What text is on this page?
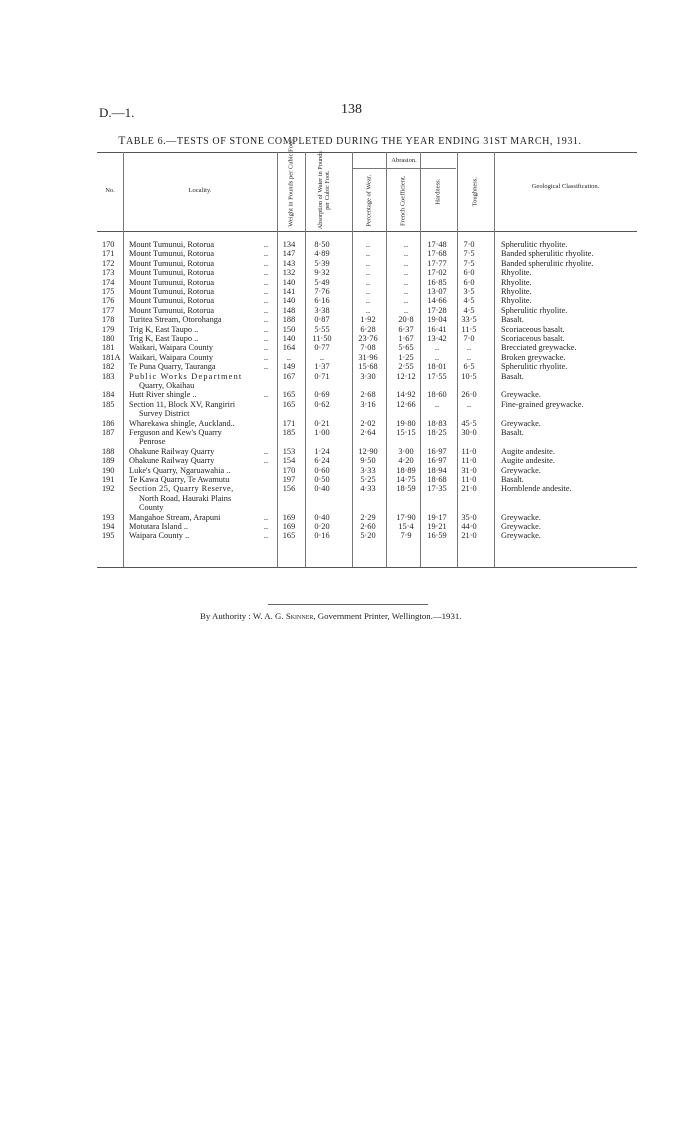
D.—1.	138
TABLE 6.—TESTS OF STONE COMPLETED DURING THE YEAR ENDING 31ST MARCH, 1931.
No.	Locality.	Weight in Pounds per Cubic Foot.	Absorption of Water in Pounds per Cubic Foot.
Abrasion.
Percentage of Wear.	French Coefficient.	Hardness.	Toughness.	Geological Classification.
170	Mount Tumunui, Rotorua	..	134	8·50	..	..	17·48	7·0	Spherulitic rhyolite.
171	Mount Tumunui, Rotorua	..	147	4·89	..	..	17·68	7·5	Banded spherulitic rhyolite.
172	Mount Tumunui, Rotorua	..	143	5·39	..	..	17·77	7·5	Banded spherulitic rhyolite.
173	Mount Tumunui, Rotorua	..	132	9·32	..	..	17·02	6·0	Rhyolite.
174	Mount Tumunui, Rotorua	..	140	5·49	..	..	16·85	6·0	Rhyolite.
175	Mount Tumunui, Rotorua	..	141	7·76	..	..	13·07	3·5	Rhyolite.
176	Mount Tumunui, Rotorua	..	140	6·16	..	..	14·66	4·5	Rhyolite.
177	Mount Tumunui, Rotorua	..	148	3·38	..	..	17·28	4·5	Spherulitic rhyolite.
178	Turitea Stream, Otorohanga	..	188	0·87	1·92	20·8	19·04	33·5	Basalt.
179	Trig K, East Taupo ..	..	150	5·55	6·28	6·37	16·41	11·5	Scoriaceous basalt.
180	Trig K, East Taupo ..	..	140	11·50	23·76	1·67	13·42	7·0	Scoriaceous basalt.
181	Waikari, Waipara County	..	164	0·77	7·08	5·65	..	..	Brecciated greywacke.
181A	Waikari, Waipara County	..	..	..	31·96	1·25	..	..	Broken greywacke.
182	Te Puna Quarry, Tauranga	..	149	1·37	15·68	2·55	18·01	6·5	Spherulitic rhyolite.
183	Public Works Department	167	0·71	3·30	12·12	17·55	10·5	Basalt.
Quarry, Okaihau
184	Hutt River shingle ..	..	165	0·69	2·68	14·92	18·60	26·0	Greywacke.
185	Section 11, Block XV, Rangiriri	165	0·62	3·16	12·66	..	..	Fine-grained greywacke.
Survey District
186	Wharekawa shingle, Auckland..	171	0·21	2·02	19·80	18·83	45·5	Greywacke.
187	Ferguson and Kew's Quarry	185	1·00	2·64	15·15	18·25	30·0	Basalt.
Penrose
188	Ohakune Railway Quarry	..	153	1·24	12·90	3·00	16·97	11·0	Augite andesite.
189	Ohakune Railway Quarry	..	154	6·24	9·50	4·20	16·97	11·0	Augite andesite.
190	Luke's Quarry, Ngaruawahia ..	170	0·60	3·33	18·89	18·94	31·0	Greywacke.
191	Te Kawa Quarry, Te Awamutu	197	0·50	5·25	14·75	18·68	11·0	Basalt.
192	Section 25, Quarry Reserve,	156	0·40	4·33	18·59	17·35	21·0	Hornblende andesite.
North Road, Hauraki Plains
County
193	Mangahoe Stream, Arapuni	..	169	0·40	2·29	17·90	19·17	35·0	Greywacke.
194	Motutara Island ..	..	169	0·20	2·60	15·4	19·21	44·0	Greywacke.
195	Waipara County ..	..	165	0·16	5·20	7·9	16·59	21·0	Greywacke.
By Authority : W. A. G. Skinner, Government Printer, Wellington.—1931.
